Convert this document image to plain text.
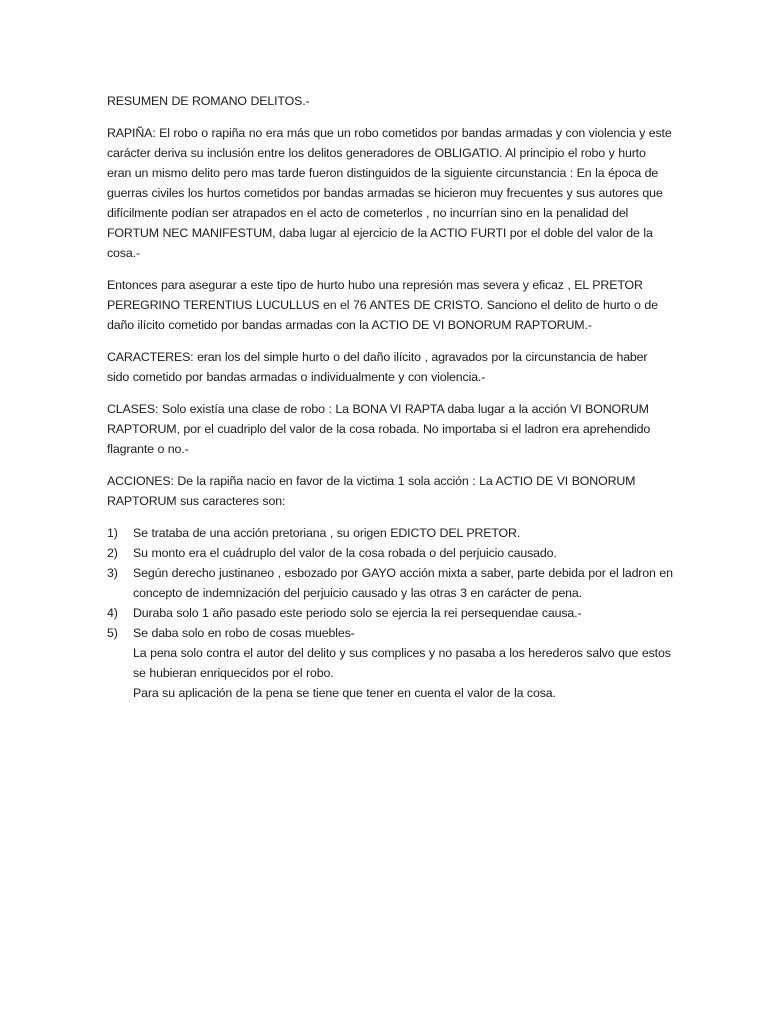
RESUMEN DE ROMANO DELITOS.-

RAPIÑA: El robo o rapiña no era más que un robo cometidos por bandas armadas y con violencia y este carácter deriva su inclusión entre los delitos generadores de OBLIGATIO. Al principio el robo y hurto eran un mismo delito pero mas tarde fueron distinguidos de la siguiente circunstancia : En la época de guerras civiles los hurtos cometidos por bandas armadas se hicieron muy frecuentes y sus autores que difícilmente podían ser atrapados en el acto de cometerlos , no incurrían sino en la penalidad del FORTUM NEC MANIFESTUM, daba lugar al ejercicio de la ACTIO FURTI por el doble del valor de la cosa.-

Entonces para asegurar a este tipo de hurto hubo una represión mas severa y eficaz , EL PRETOR PEREGRINO TERENTIUS LUCULLUS en el 76 ANTES DE CRISTO. Sanciono el delito de hurto o de daño ilícito cometido por bandas armadas con la ACTIO DE VI BONORUM RAPTORUM.-

CARACTERES: eran los del simple hurto o del daño ilícito , agravados por la circunstancia de haber sido cometido por bandas armadas o individualmente y con violencia.-

CLASES: Solo existía una clase de robo : La BONA VI RAPTA daba lugar a la acción VI BONORUM RAPTORUM, por el cuadriplo del valor de la cosa robada. No importaba si el ladron era aprehendido flagrante o no.-

ACCIONES: De la rapiña nacio en favor de la victima 1 sola acción : La ACTIO DE VI BONORUM RAPTORUM sus caracteres son:

1) Se trataba de una acción pretoriana , su origen EDICTO DEL PRETOR.
2) Su monto era el cuádruplo del valor de la cosa robada o del perjuicio causado.
3) Según derecho justinaneo , esbozado por GAYO acción mixta a saber, parte debida por el ladron en concepto de indemnización del perjuicio causado y las otras 3 en carácter de pena.
4) Duraba solo 1 año pasado este periodo solo se ejercia la rei persequendae causa.-
5) Se daba solo en robo de cosas muebles-
La pena solo contra el autor del delito y sus complices y no pasaba a los herederos salvo que estos se hubieran enriquecidos por el robo.
Para su aplicación de la pena se tiene que tener en cuenta el valor de la cosa.
